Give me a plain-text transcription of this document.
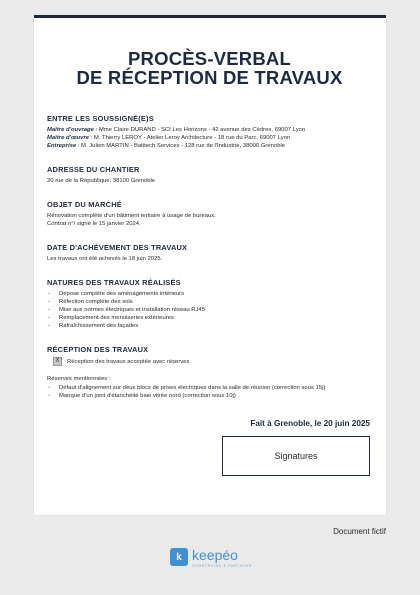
PROCÈS-VERBAL
DE RÉCEPTION DE TRAVAUX
ENTRE LES SOUSSIGNÉ(E)S
Maître d'ouvrage : Mme Claire DURAND - SCI Les Horizons - 42 avenue des Cèdres, 69007 Lyon
Maître d'œuvre : M. Thierry LEROY - Atelier Leroy Architecture - 18 rue du Parc, 69007 Lyon
Entreprise : M. Julien MARTIN - Batitech Services - 128 rue de l'Industrie, 38000 Grenoble
ADRESSE DU CHANTIER
20 rue de la République, 38100 Grenoble
OBJET DU MARCHÉ
Rénovation complète d'un bâtiment tertiaire à usage de bureaux.
Contrat n°/ signé le 15 janvier 2024.
DATE D'ACHÈVEMENT DES TRAVAUX
Les travaux ont été achevés le 18 juin 2025.
NATURES DES TRAVAUX RÉALISÉS
- Dépose complète des aménagements intérieurs
- Réfection complète des sols
- Mise aux normes électriques et installation réseau RJ45
- Remplacement des menuiseries extérieures
- Rafraîchissement des façades
RÉCEPTION DES TRAVAUX
X	Réception des travaux acceptée avec réserves
Réserves mentionnées :
- Défaut d'alignement sur deux blocs de prises électriques dans la salle de réunion (correction sous 15j)
- Manque d'un joint d'étanchéité baie vitrée nord (correction sous 10j)
Fait à Grenoble, le 20 juin 2025
Signatures
Document fictif
k keepéo
CONSTRUIRE & PARTAGER
